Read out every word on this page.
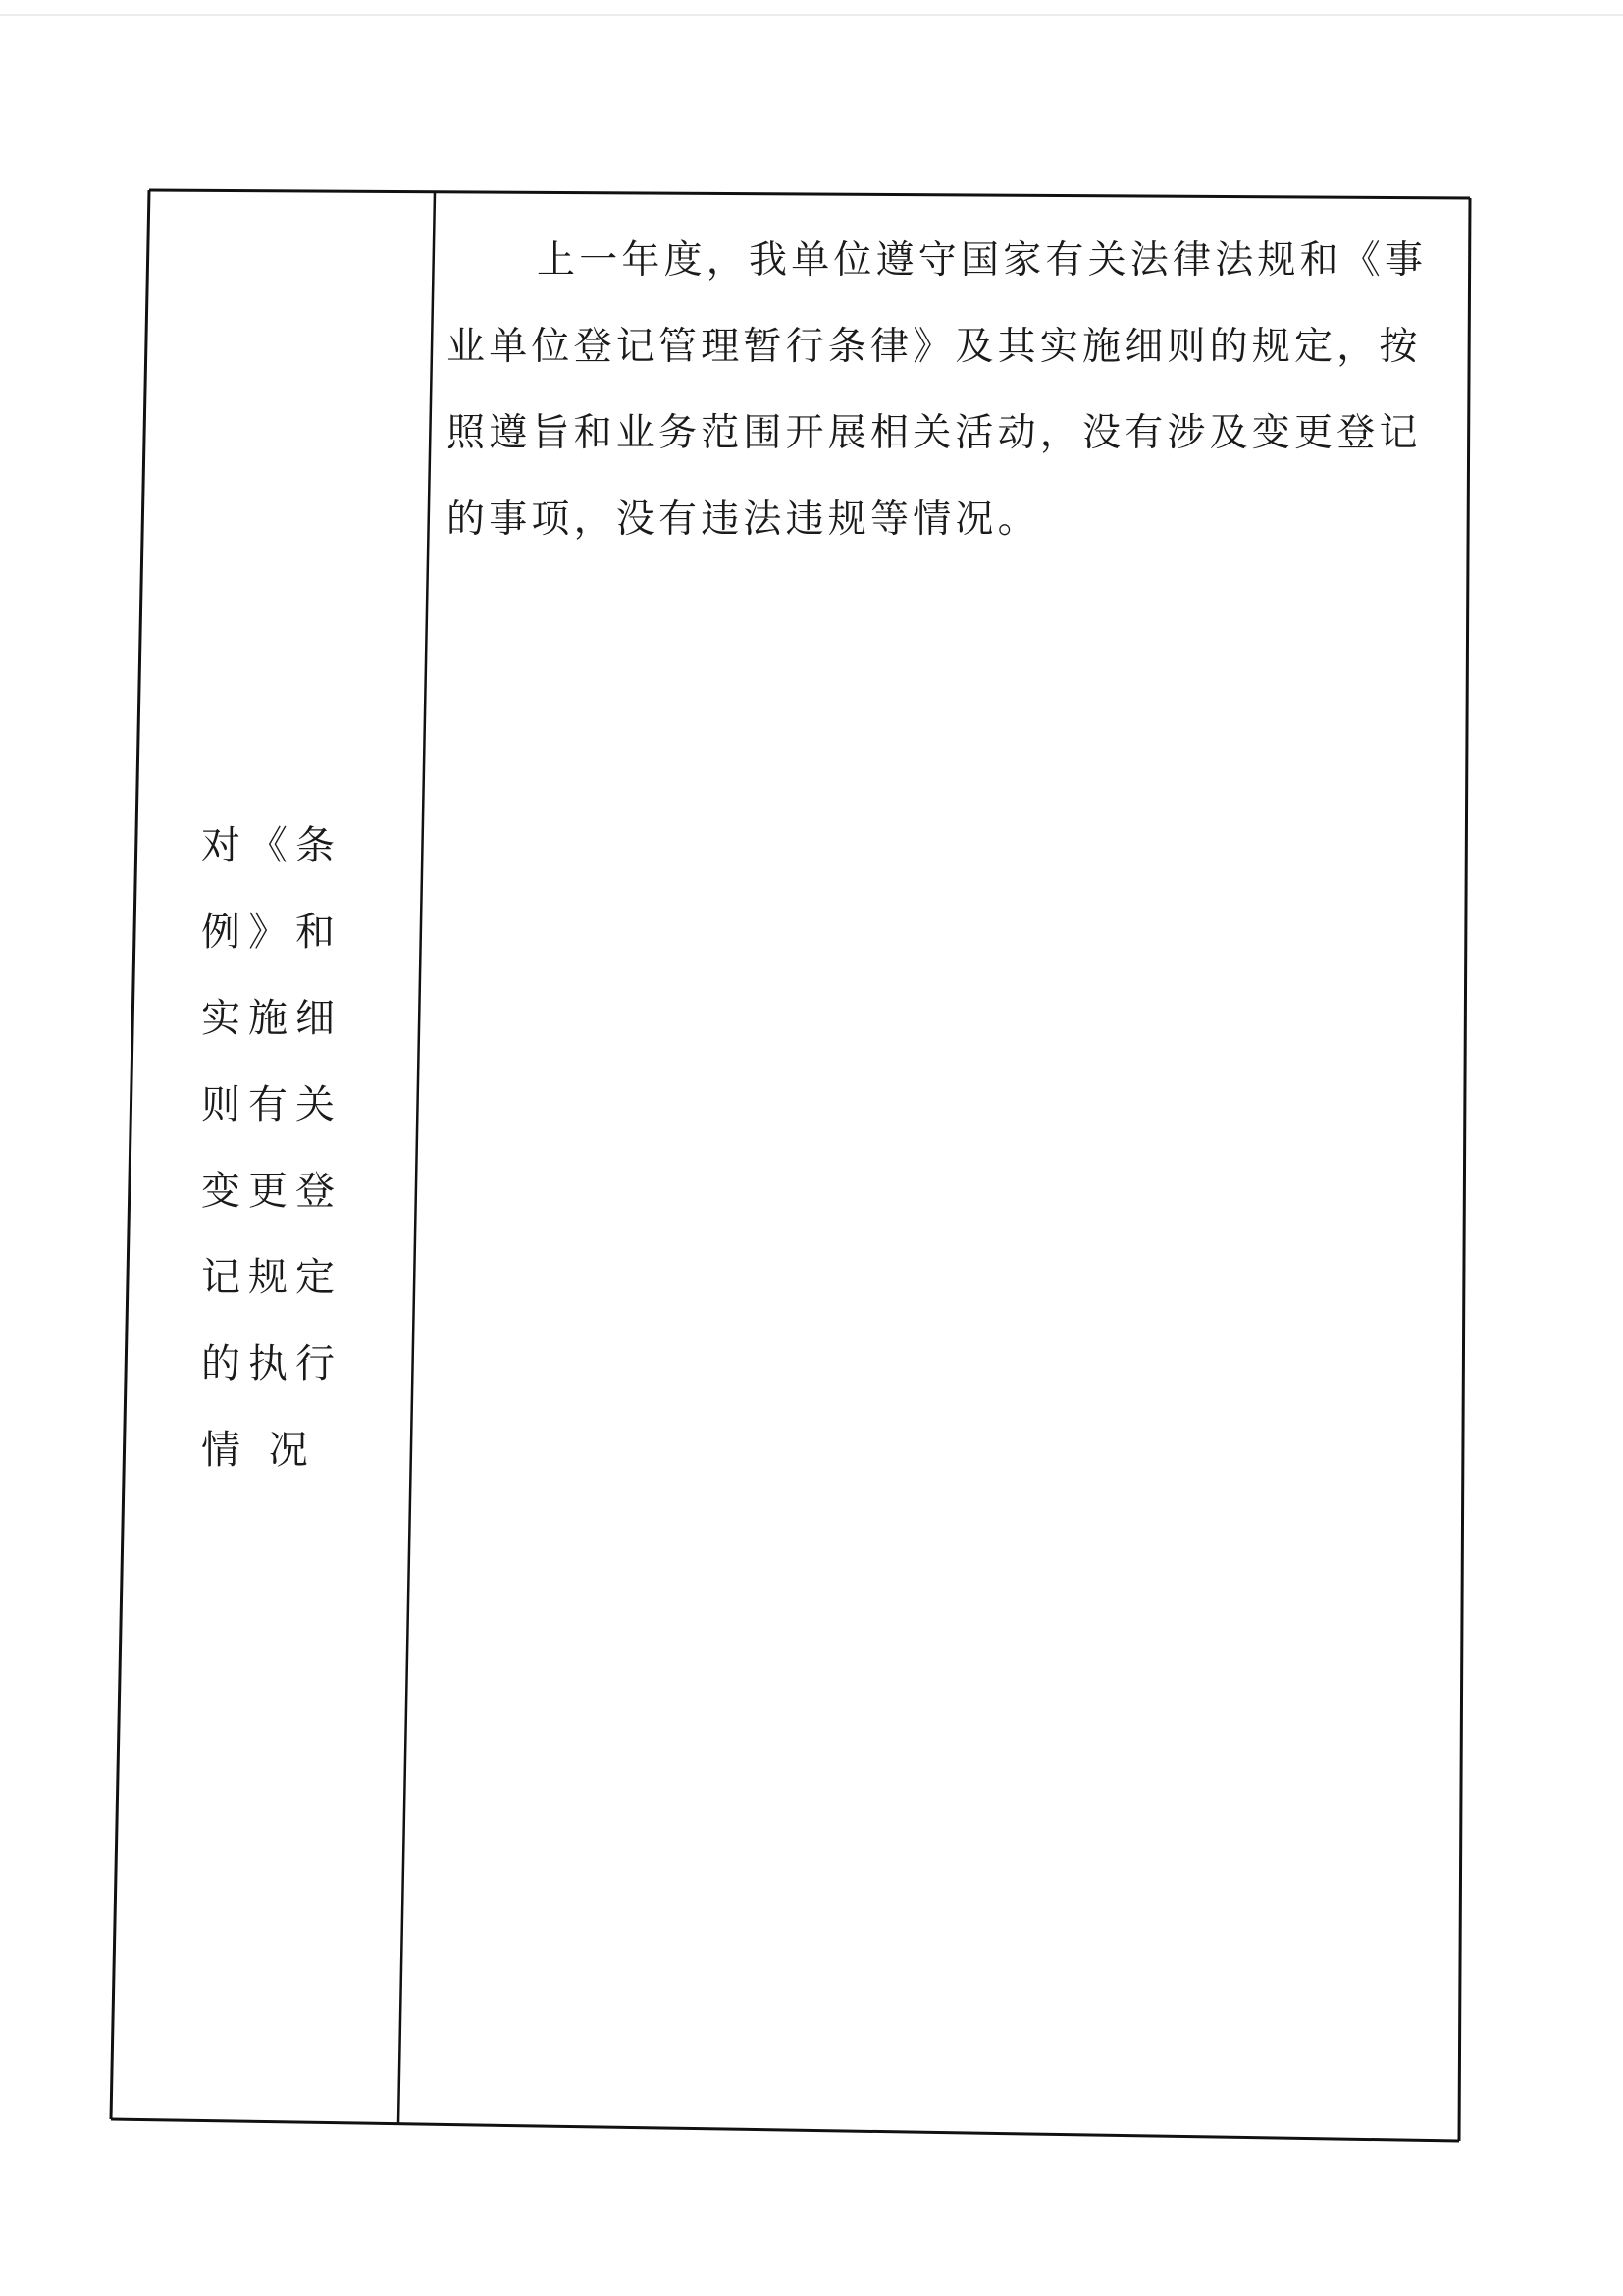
对《条
例》和
实施细
则有关
变更登
记规定
的执行
情 况
上一年度，我单位遵守国家有关法律法规和《事
业单位登记管理暂行条律》及其实施细则的规定，按
照遵旨和业务范围开展相关活动，没有涉及变更登记
的事项，没有违法违规等情况。
